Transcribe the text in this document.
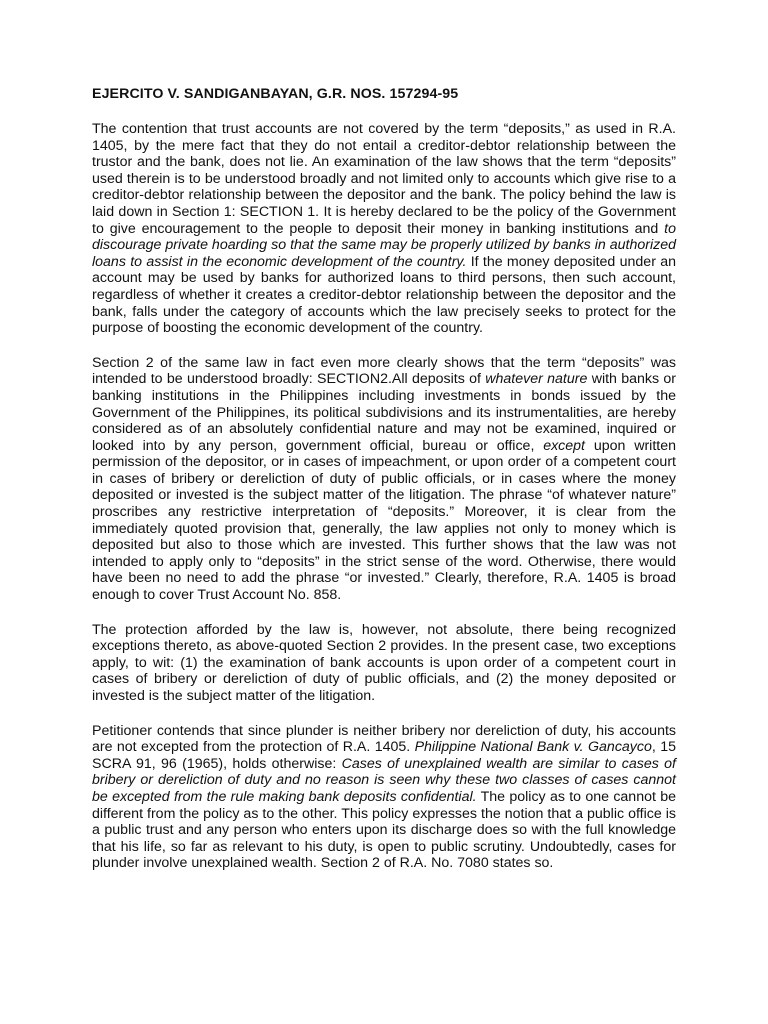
EJERCITO V. SANDIGANBAYAN, G.R. NOS. 157294-95

The contention that trust accounts are not covered by the term “deposits,” as used in R.A. 1405, by the mere fact that they do not entail a creditor-debtor relationship between the trustor and the bank, does not lie. An examination of the law shows that the term “deposits” used therein is to be understood broadly and not limited only to accounts which give rise to a creditor-debtor relationship between the depositor and the bank. The policy behind the law is laid down in Section 1: SECTION 1. It is hereby declared to be the policy of the Government to give encouragement to the people to deposit their money in banking institutions and to discourage private hoarding so that the same may be properly utilized by banks in authorized loans to assist in the economic development of the country. If the money deposited under an account may be used by banks for authorized loans to third persons, then such account, regardless of whether it creates a creditor-debtor relationship between the depositor and the bank, falls under the category of accounts which the law precisely seeks to protect for the purpose of boosting the economic development of the country.

Section 2 of the same law in fact even more clearly shows that the term “deposits” was intended to be understood broadly: SECTION2.All deposits of whatever nature with banks or banking institutions in the Philippines including investments in bonds issued by the Government of the Philippines, its political subdivisions and its instrumentalities, are hereby considered as of an absolutely confidential nature and may not be examined, inquired or looked into by any person, government official, bureau or office, except upon written permission of the depositor, or in cases of impeachment, or upon order of a competent court in cases of bribery or dereliction of duty of public officials, or in cases where the money deposited or invested is the subject matter of the litigation. The phrase “of whatever nature” proscribes any restrictive interpretation of “deposits.” Moreover, it is clear from the immediately quoted provision that, generally, the law applies not only to money which is deposited but also to those which are invested. This further shows that the law was not intended to apply only to “deposits” in the strict sense of the word. Otherwise, there would have been no need to add the phrase “or invested.” Clearly, therefore, R.A. 1405 is broad enough to cover Trust Account No. 858.

The protection afforded by the law is, however, not absolute, there being recognized exceptions thereto, as above-quoted Section 2 provides. In the present case, two exceptions apply, to wit: (1) the examination of bank accounts is upon order of a competent court in cases of bribery or dereliction of duty of public officials, and (2) the money deposited or invested is the subject matter of the litigation.

Petitioner contends that since plunder is neither bribery nor dereliction of duty, his accounts are not excepted from the protection of R.A. 1405. Philippine National Bank v. Gancayco, 15 SCRA 91, 96 (1965), holds otherwise: Cases of unexplained wealth are similar to cases of bribery or dereliction of duty and no reason is seen why these two classes of cases cannot be excepted from the rule making bank deposits confidential. The policy as to one cannot be different from the policy as to the other. This policy expresses the notion that a public office is a public trust and any person who enters upon its discharge does so with the full knowledge that his life, so far as relevant to his duty, is open to public scrutiny. Undoubtedly, cases for plunder involve unexplained wealth. Section 2 of R.A. No. 7080 states so.
